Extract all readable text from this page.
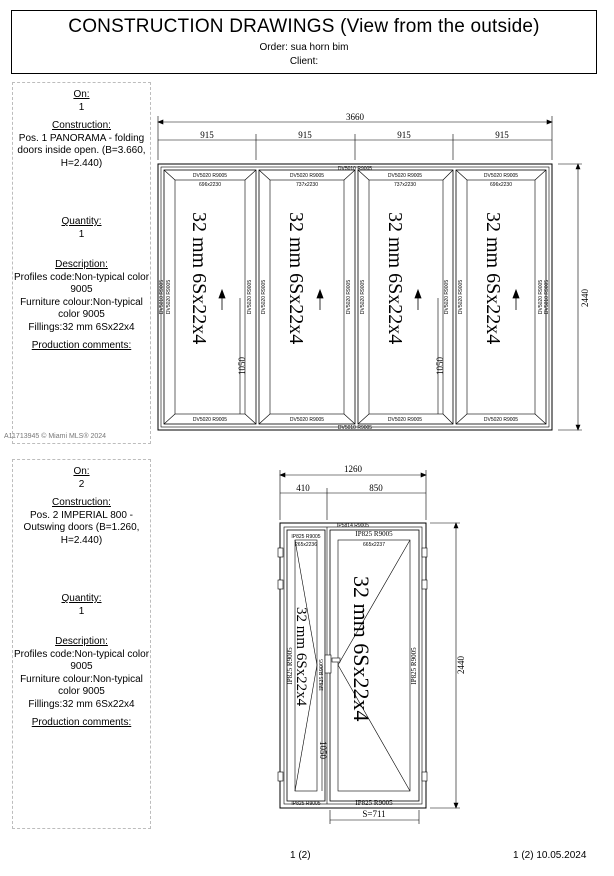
CONSTRUCTION DRAWINGS (View from the outside)
Order: sua horn bim
Client:
On:
1
Construction:
Pos. 1 PANORAMA - folding doors inside open. (B=3.660, H=2.440)
Quantity:
1
Description:
Profiles code:Non-typical color 9005
Furniture colour:Non-typical color 9005
Fillings:32 mm 6Sx22x4
Production comments:
On:
2
Construction:
Pos. 2 IMPERIAL 800 - Outswing doors (B=1.260, H=2.440)
Quantity:
1
Description:
Profiles code:Non-typical color 9005
Furniture colour:Non-typical color 9005
Fillings:32 mm 6Sx22x4
Production comments:
3660
915	915	915	915
2440
DV5010 R9005
DV5010 R9005
DV5020 R9005	DV5020 R9005	DV5020 R9005	DV5020 R9005
696x2230	737x2230	737x2230	696x2230
DV5020 R9005	DV5020 R9005	DV5020 R9005	DV5020 R9005
DV5010 R9005 DV5020 R9005	DV5020 R9005 DV5020 R9005	DV5020 R9005 DV5020 R9005	DV5020 R9005 DV5020 R9005	DV5020 R9005 DV5010 R9005
32 mm 6Sx22x4	32 mm 6Sx22x4	32 mm 6Sx22x4	32 mm 6Sx22x4
1050	1050
1260
410	850
2440
IP5814 R9005
IP825 R9005
IP825 R9005
265x2236	665x2237
IP825 R9005
IP825 R9005
IP825 R9005	IP825 R9005	IP825 R9005
32 mm 6Sx22x4 32 mm 6Sx22x4
1050
S=711
A11713945 © Miami MLS® 2024
1 (2)	1 (2) 10.05.2024
